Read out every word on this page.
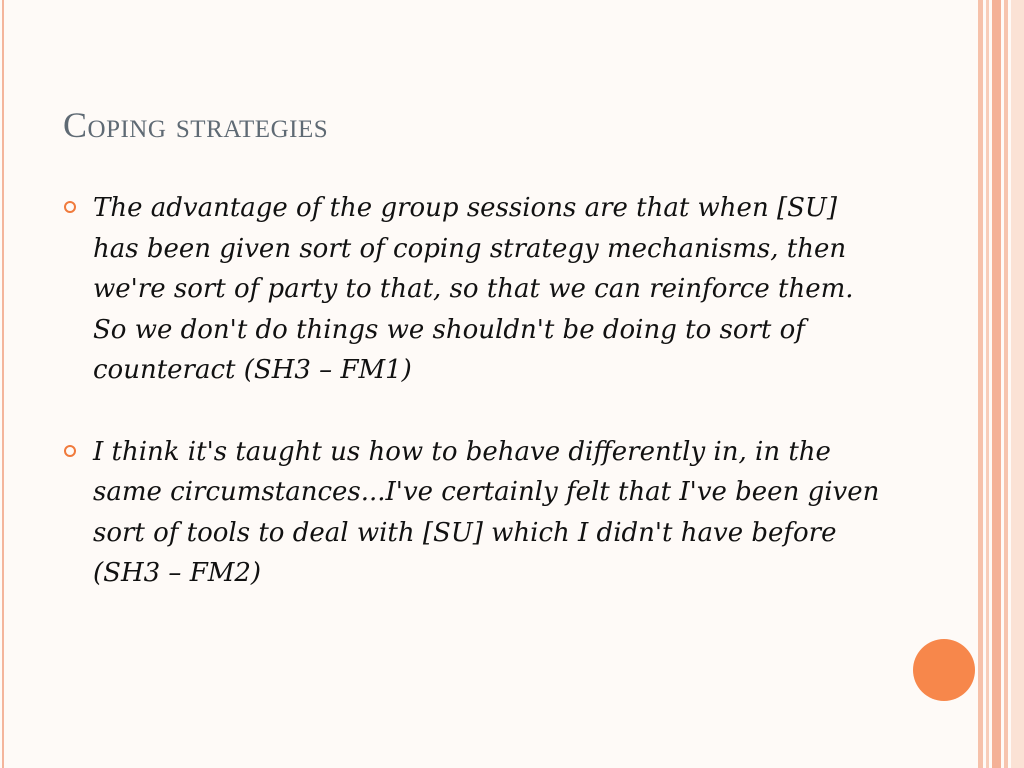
Coping strategies
The advantage of the group sessions are that when [SU] has been given sort of coping strategy mechanisms, then we're sort of party to that, so that we can reinforce them. So we don't do things we shouldn't be doing to sort of counteract (SH3 – FM1)
I think it's taught us how to behave differently in, in the same circumstances...I've certainly felt that I've been given sort of tools to deal with [SU] which I didn't have before (SH3 – FM2)
